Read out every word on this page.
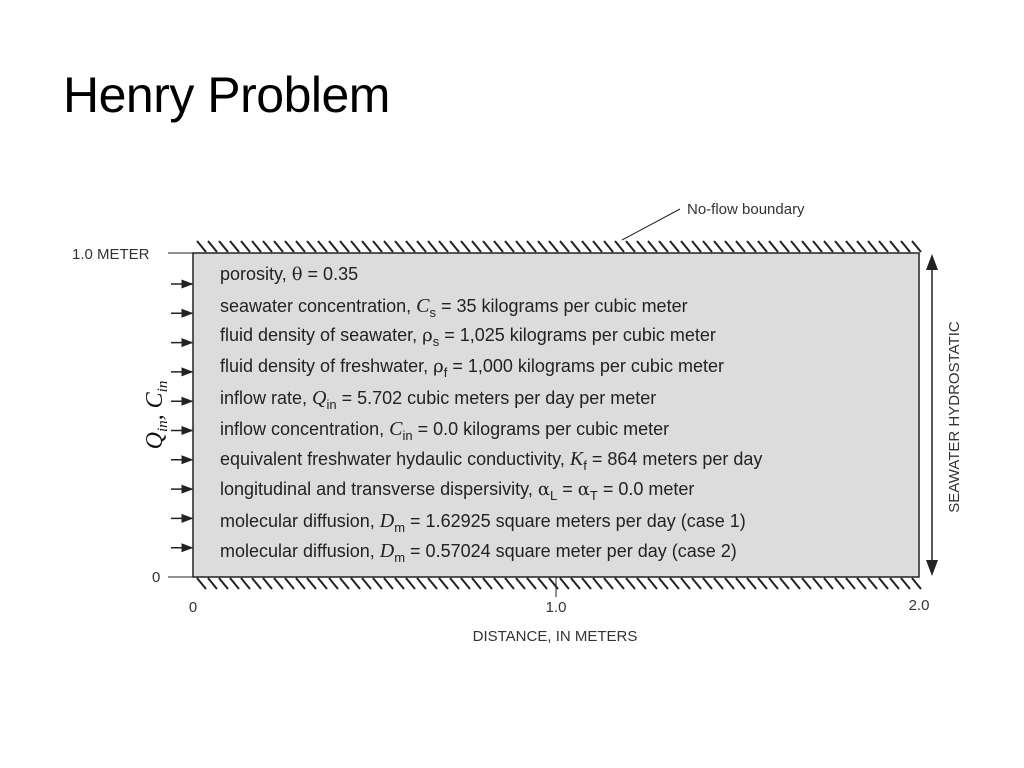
Henry Problem
1.0 METER
0
$Q_{in},C_{in}$	SEAWATER HYDROSTATIC
No-flow boundary
0	1.0	2.0
DISTANCE, IN METERS
porosity, θ = 0.35
seawater concentration, $C_s = 35$ kilograms per cubic meter
fluid density of seawater, $\rho_s = 1,025$ kilograms per cubic meter
fluid density of freshwater, $\rho_f = 1,000$ kilograms per cubic meter
inflow rate, $Q_{in} = 5.702$ cubic meters per day per meter
inflow concentration, $C_{in} = 0.0$ kilograms per cubic meter
equivalent freshwater hydaulic conductivity, $K_f = 864$ meters per day
longitudinal and transverse dispersivity, $\alpha_L = \alpha_T = 0.0$ meter
molecular diffusion, $D_m = 1.62925$ square meters per day (case 1)
molecular diffusion, $D_m = 0.57024$ square meter per day (case 2)
